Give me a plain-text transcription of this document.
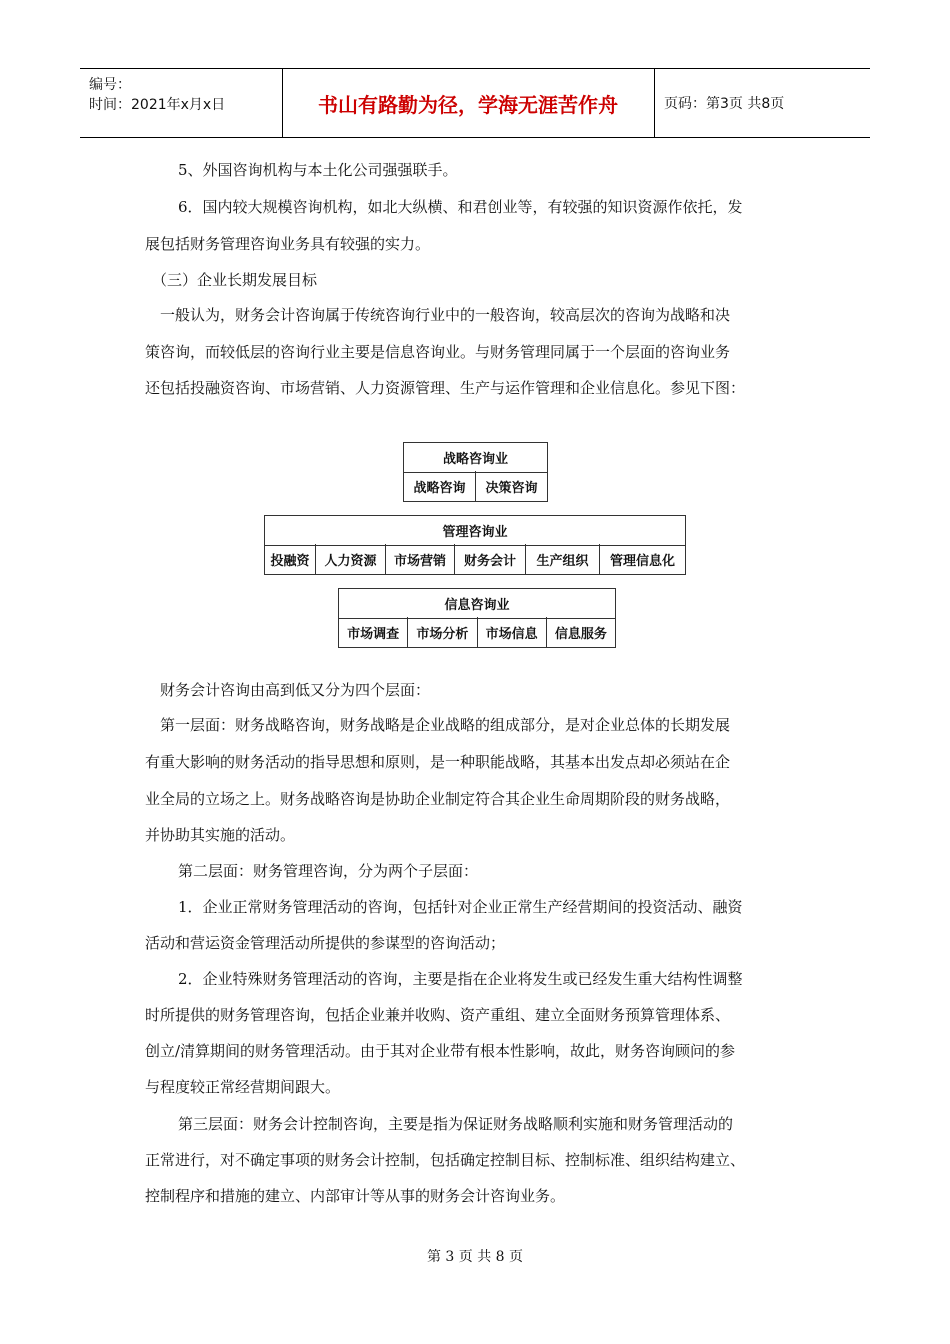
编号：
时间：2021年x月x日	书山有路勤为径，学海无涯苦作舟	页码：第3页 共8页
5、外国咨询机构与本土化公司强强联手。
6．国内较大规模咨询机构，如北大纵横、和君创业等，有较强的知识资源作依托，发
展包括财务管理咨询业务具有较强的实力。
（三）企业长期发展目标
一般认为，财务会计咨询属于传统咨询行业中的一般咨询，较高层次的咨询为战略和决
策咨询，而较低层的咨询行业主要是信息咨询业。与财务管理同属于一个层面的咨询业务
还包括投融资咨询、市场营销、人力资源管理、生产与运作管理和企业信息化。参见下图：
战略咨询业
战略咨询	决策咨询
管理咨询业
投融资	人力资源	市场营销	财务会计	生产组织	管理信息化
信息咨询业
市场调查	市场分析	市场信息	信息服务
财务会计咨询由高到低又分为四个层面：
第一层面：财务战略咨询，财务战略是企业战略的组成部分，是对企业总体的长期发展
有重大影响的财务活动的指导思想和原则，是一种职能战略，其基本出发点却必须站在企
业全局的立场之上。财务战略咨询是协助企业制定符合其企业生命周期阶段的财务战略，
并协助其实施的活动。
第二层面：财务管理咨询，分为两个子层面：
1．企业正常财务管理活动的咨询，包括针对企业正常生产经营期间的投资活动、融资
活动和营运资金管理活动所提供的参谋型的咨询活动；
2．企业特殊财务管理活动的咨询，主要是指在企业将发生或已经发生重大结构性调整
时所提供的财务管理咨询，包括企业兼并收购、资产重组、建立全面财务预算管理体系、
创立/清算期间的财务管理活动。由于其对企业带有根本性影响，故此，财务咨询顾问的参
与程度较正常经营期间跟大。
第三层面：财务会计控制咨询，主要是指为保证财务战略顺利实施和财务管理活动的
正常进行，对不确定事项的财务会计控制，包括确定控制目标、控制标准、组织结构建立、
控制程序和措施的建立、内部审计等从事的财务会计咨询业务。
第 3 页 共 8 页
